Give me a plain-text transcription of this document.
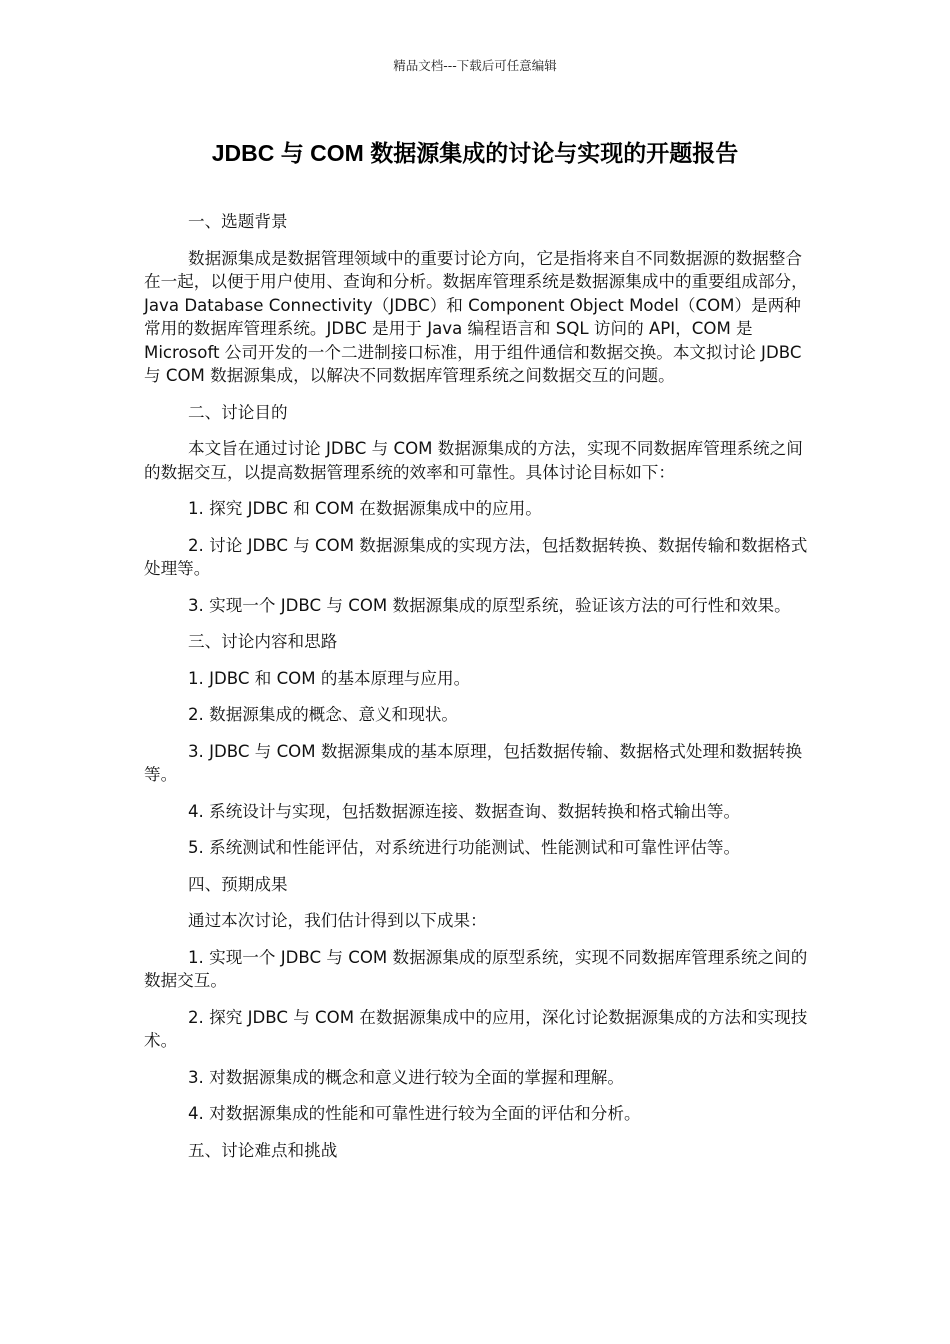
精品文档---下载后可任意编辑
JDBC 与 COM 数据源集成的讨论与实现的开题报告

一、选题背景

数据源集成是数据管理领域中的重要讨论方向，它是指将来自不同数据源的数据整合在一起，以便于用户使用、查询和分析。数据库管理系统是数据源集成中的重要组成部分，Java Database Connectivity（JDBC）和 Component Object Model（COM）是两种常用的数据库管理系统。JDBC 是用于 Java 编程语言和 SQL 访问的 API，COM 是 Microsoft 公司开发的一个二进制接口标准，用于组件通信和数据交换。本文拟讨论 JDBC 与 COM 数据源集成，以解决不同数据库管理系统之间数据交互的问题。

二、讨论目的

本文旨在通过讨论 JDBC 与 COM 数据源集成的方法，实现不同数据库管理系统之间的数据交互，以提高数据管理系统的效率和可靠性。具体讨论目标如下：

1. 探究 JDBC 和 COM 在数据源集成中的应用。

2. 讨论 JDBC 与 COM 数据源集成的实现方法，包括数据转换、数据传输和数据格式处理等。

3. 实现一个 JDBC 与 COM 数据源集成的原型系统，验证该方法的可行性和效果。

三、讨论内容和思路

1. JDBC 和 COM 的基本原理与应用。

2. 数据源集成的概念、意义和现状。

3. JDBC 与 COM 数据源集成的基本原理，包括数据传输、数据格式处理和数据转换等。

4. 系统设计与实现，包括数据源连接、数据查询、数据转换和格式输出等。

5. 系统测试和性能评估，对系统进行功能测试、性能测试和可靠性评估等。

四、预期成果

通过本次讨论，我们估计得到以下成果：

1. 实现一个 JDBC 与 COM 数据源集成的原型系统，实现不同数据库管理系统之间的数据交互。

2. 探究 JDBC 与 COM 在数据源集成中的应用，深化讨论数据源集成的方法和实现技术。

3. 对数据源集成的概念和意义进行较为全面的掌握和理解。

4. 对数据源集成的性能和可靠性进行较为全面的评估和分析。

五、讨论难点和挑战
